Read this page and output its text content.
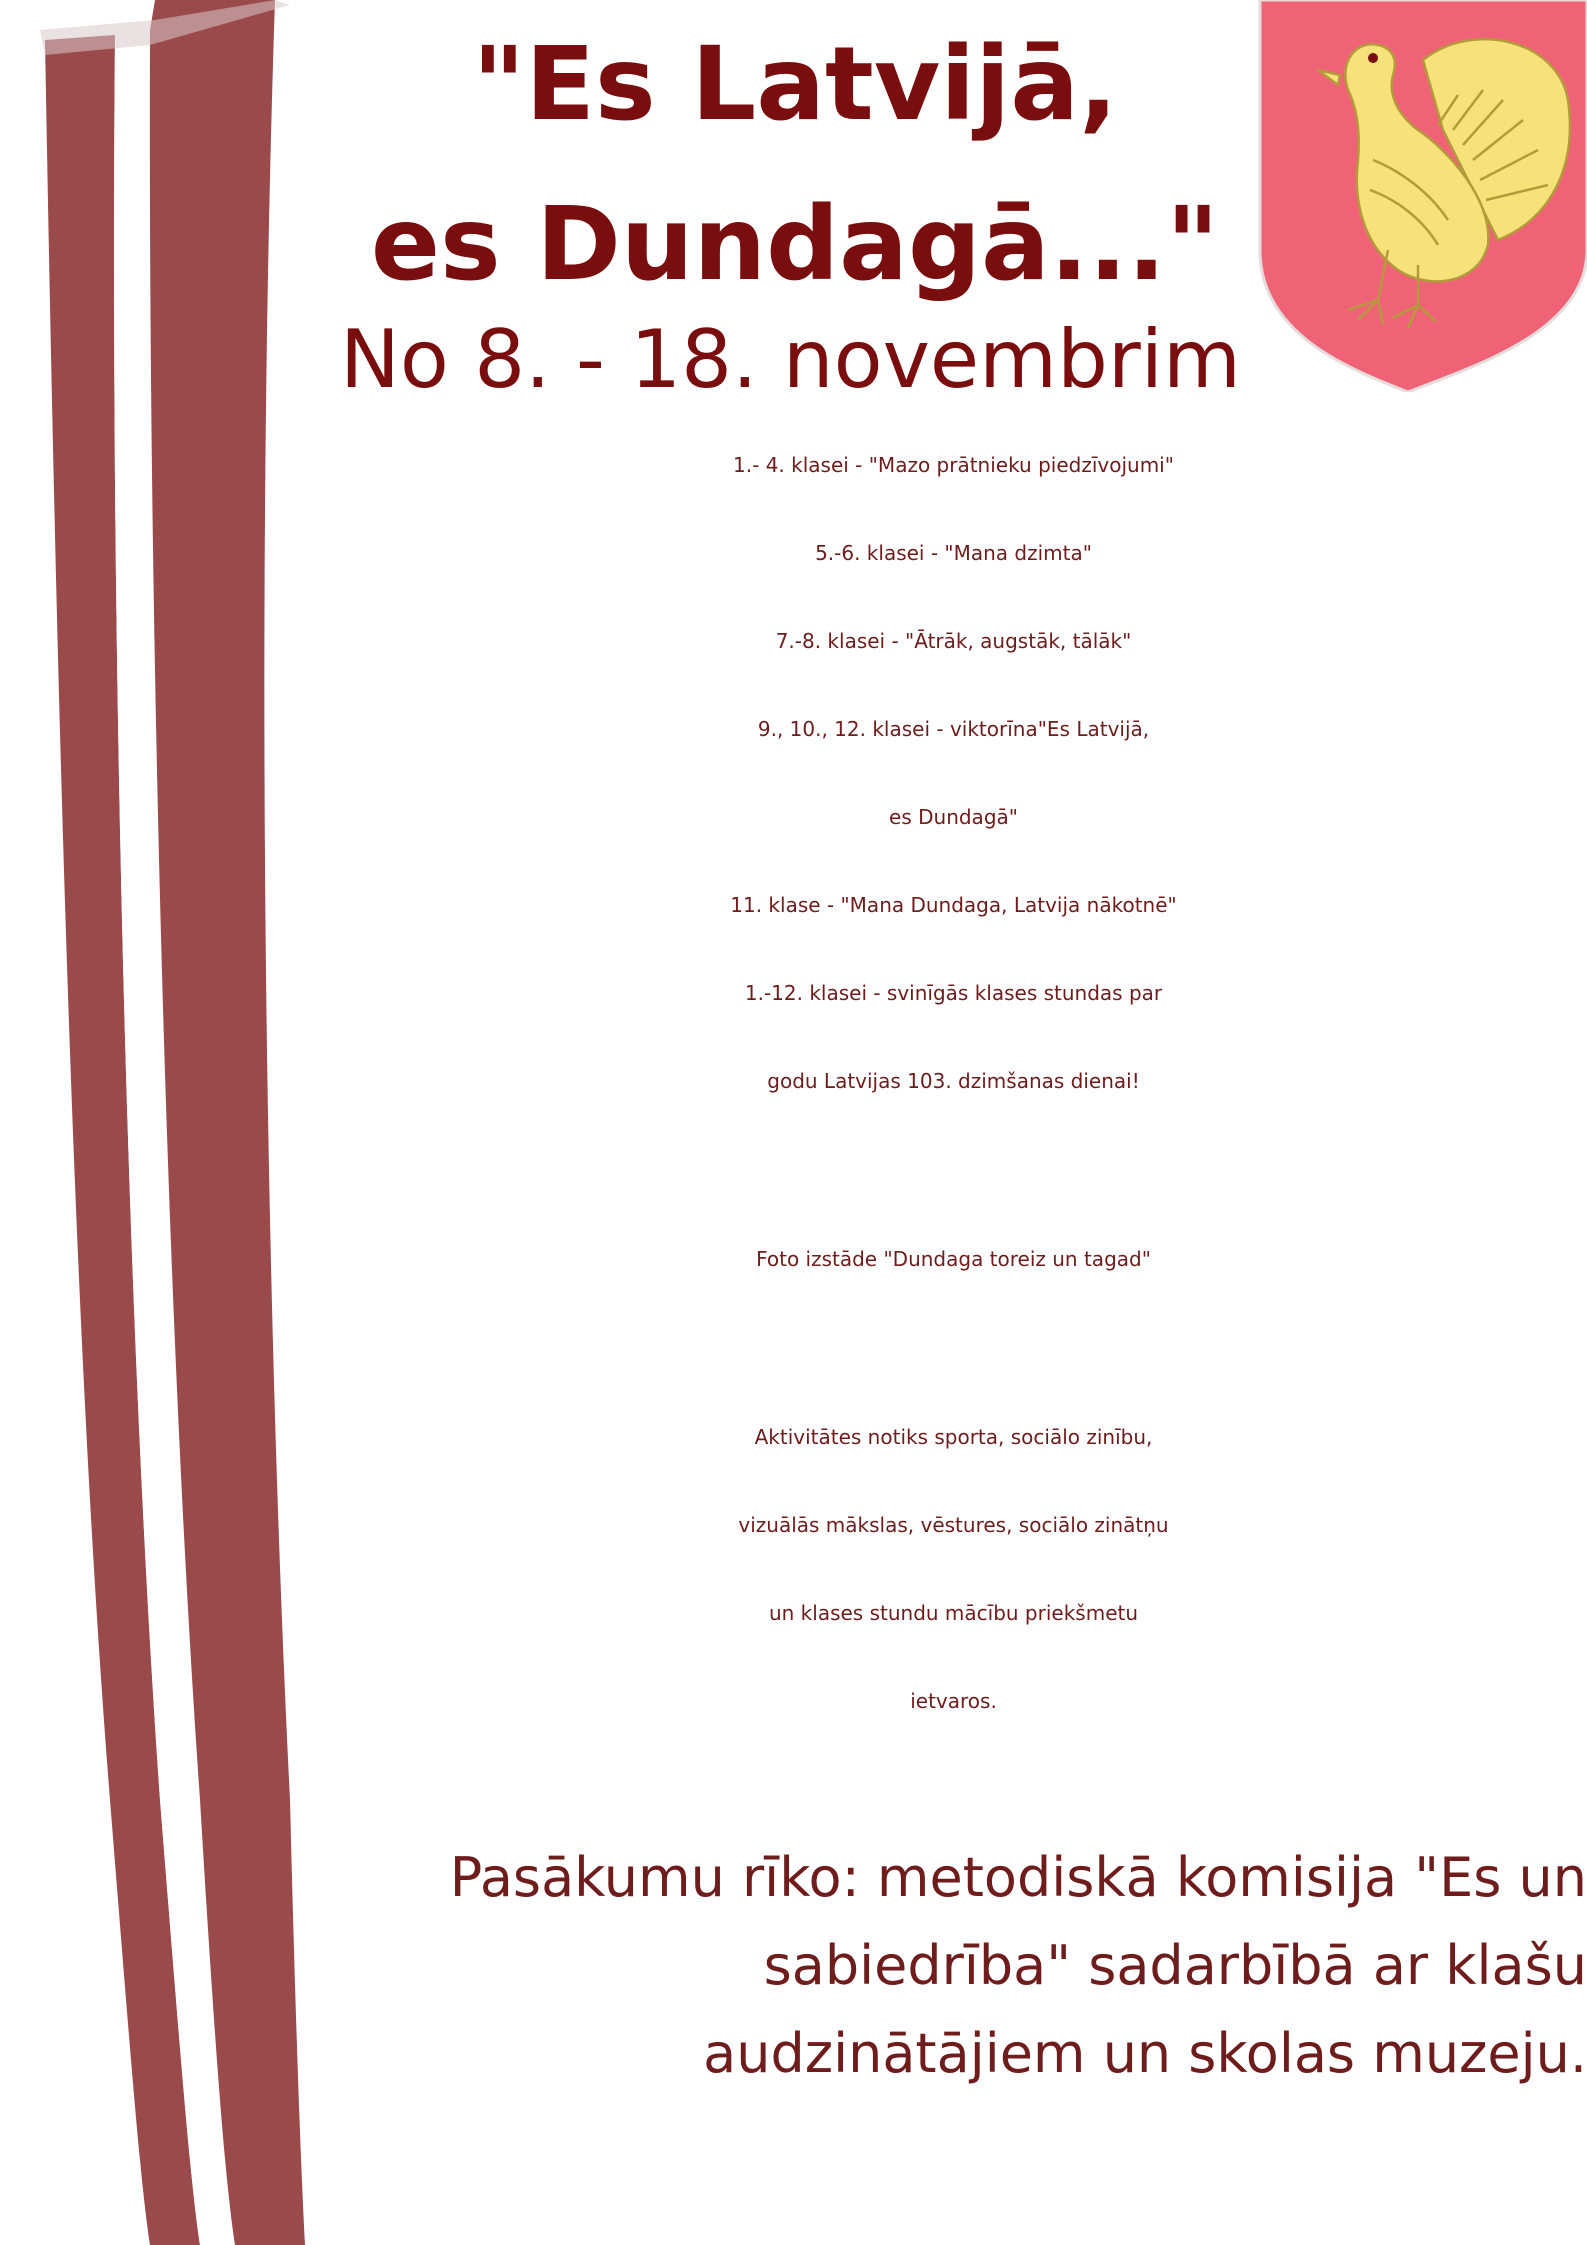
"Es Latvijā,
es Dundagā..."
No 8. - 18. novembrim
1.- 4. klasei - "Mazo prātnieku piedzīvojumi"
5.-6. klasei - "Mana dzimta"
7.-8. klasei - "Ātrāk, augstāk, tālāk"
9., 10., 12. klasei - viktorīna"Es Latvijā,
es Dundagā"
11. klase - "Mana Dundaga, Latvija nākotnē"
1.-12. klasei - svinīgās klases stundas par
godu Latvijas 103. dzimšanas dienai!
Foto izstāde "Dundaga toreiz un tagad"
Aktivitātes notiks sporta, sociālo zinību,
vizuālās mākslas, vēstures, sociālo zinātņu
un klases stundu mācību priekšmetu
ietvaros.
Pasākumu rīko: metodiskā komisija "Es un
sabiedrība" sadarbībā ar klašu
audzinātājiem un skolas muzeju.
